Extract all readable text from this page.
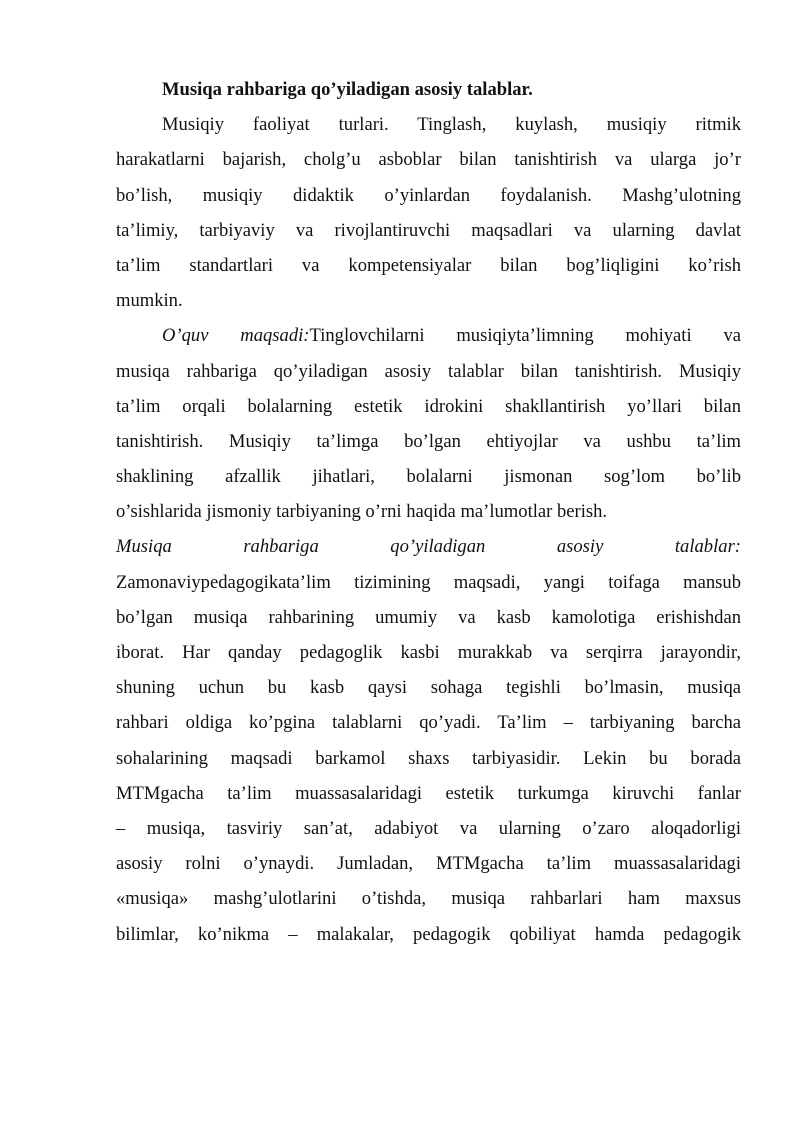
Musiqa rahbariga qo’yiladigan asosiy talablar.
Musiqiy faoliyat turlari. Tinglash, kuylash, musiqiy ritmik
harakatlarni bajarish, cholg’u asboblar bilan tanishtirish va ularga jo’r
bo’lish, musiqiy didaktik o’yinlardan foydalanish. Mashg’ulotning
ta’limiy, tarbiyaviy va rivojlantiruvchi maqsadlari va ularning davlat
ta’lim standartlari va kompetensiyalar bilan bog’liqligini ko’rish
mumkin.
O’quv maqsadi:Tinglovchilarni musiqiyta’limning mohiyati va
musiqa rahbariga qo’yiladigan asosiy talablar bilan tanishtirish. Musiqiy
ta’lim orqali bolalarning estetik idrokini shakllantirish yo’llari bilan
tanishtirish. Musiqiy ta’limga bo’lgan ehtiyojlar va ushbu ta’lim
shaklining afzallik jihatlari, bolalarni jismonan sog’lom bo’lib
o’sishlarida jismoniy tarbiyaning o’rni haqida ma’lumotlar berish.
Musiqa rahbariga qo’yiladigan asosiy talablar:
Zamonaviypedagogikata’lim tizimining maqsadi, yangi toifaga mansub
bo’lgan musiqa rahbarining umumiy va kasb kamolotiga erishishdan
iborat. Har qanday pedagoglik kasbi murakkab va serqirra jarayondir,
shuning uchun bu kasb qaysi sohaga tegishli bo’lmasin, musiqa
rahbari oldiga ko’pgina talablarni qo’yadi. Ta’lim – tarbiyaning barcha
sohalarining maqsadi barkamol shaxs tarbiyasidir. Lekin bu borada
MTMgacha ta’lim muassasalaridagi estetik turkumga kiruvchi fanlar
– musiqa, tasviriy san’at, adabiyot va ularning o’zaro aloqadorligi
asosiy rolni o’ynaydi. Jumladan, MTMgacha ta’lim muassasalaridagi
«musiqa» mashg’ulotlarini o’tishda, musiqa rahbarlari ham maxsus
bilimlar, ko’nikma – malakalar, pedagogik qobiliyat hamda pedagogik
